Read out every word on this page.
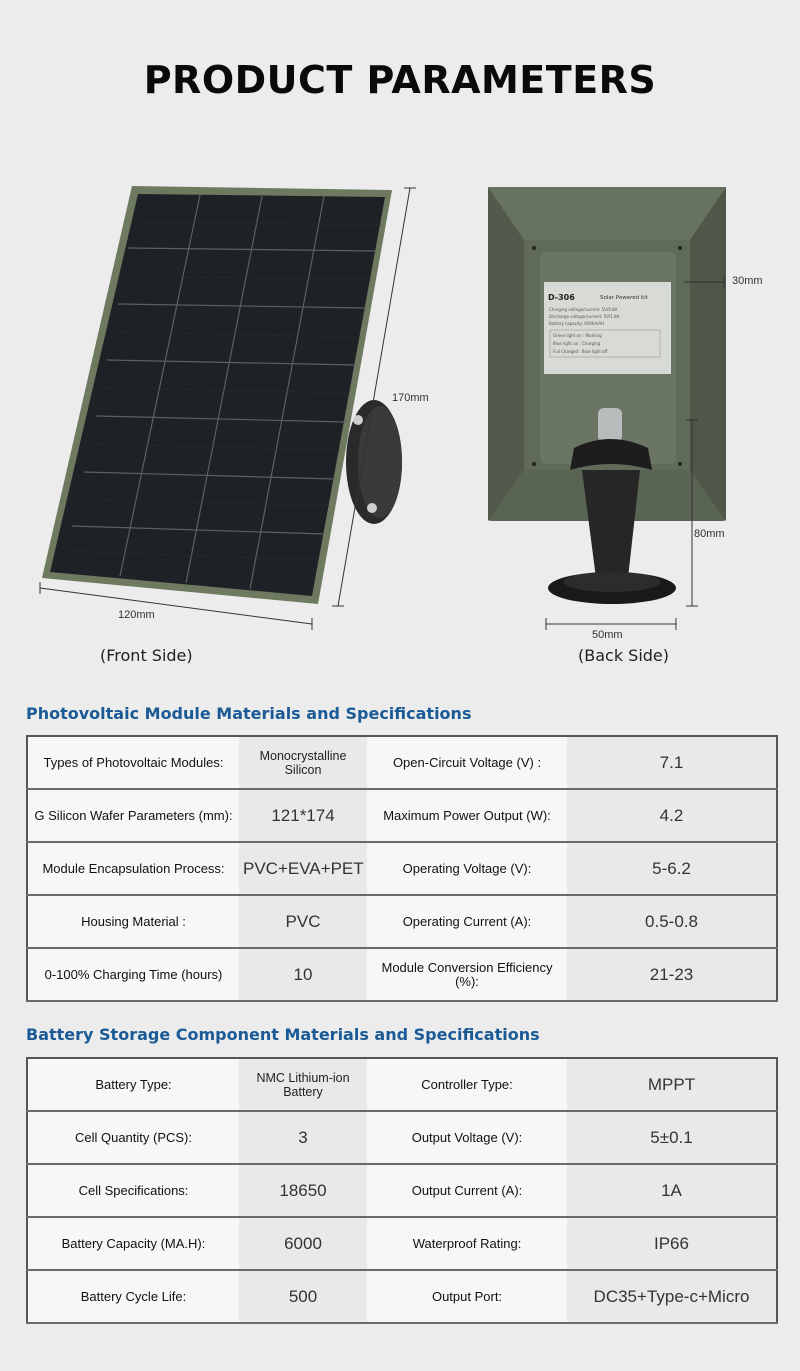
PRODUCT PARAMETERS
120mm
170mm
(Front Side)
D-306	Solar Powered kit
Charging voltage/current: 5V/0.8A
Discharge voltage/current: 5V/1.8A
Battery capacity: 6000mAH
Green light on : Working
Blue light on : Charging
Full Charged : Blue light off
30mm
80mm
50mm
(Back Side)
Photovoltaic Module Materials and Specifications
Types of Photovoltaic Modules:	Monocrystalline Silicon	Open-Circuit Voltage (V) :	7.1
G Silicon Wafer Parameters (mm):	121*174	Maximum Power Output (W):	4.2
Module Encapsulation Process:	PVC+EVA+PET	Operating Voltage (V):	5-6.2
Housing Material :	PVC	Operating Current (A):	0.5-0.8
0-100% Charging Time (hours)	10	Module Conversion Efficiency (%):	21-23
Battery Storage Component Materials and Specifications
Battery Type:	NMC Lithium-ion Battery	Controller Type:	MPPT
Cell Quantity (PCS):	3	Output Voltage (V):	5±0.1
Cell Specifications:	18650	Output Current (A):	1A
Battery Capacity (MA.H):	6000	Waterproof Rating:	IP66
Battery Cycle Life:	500	Output Port:	DC35+Type-c+Micro
